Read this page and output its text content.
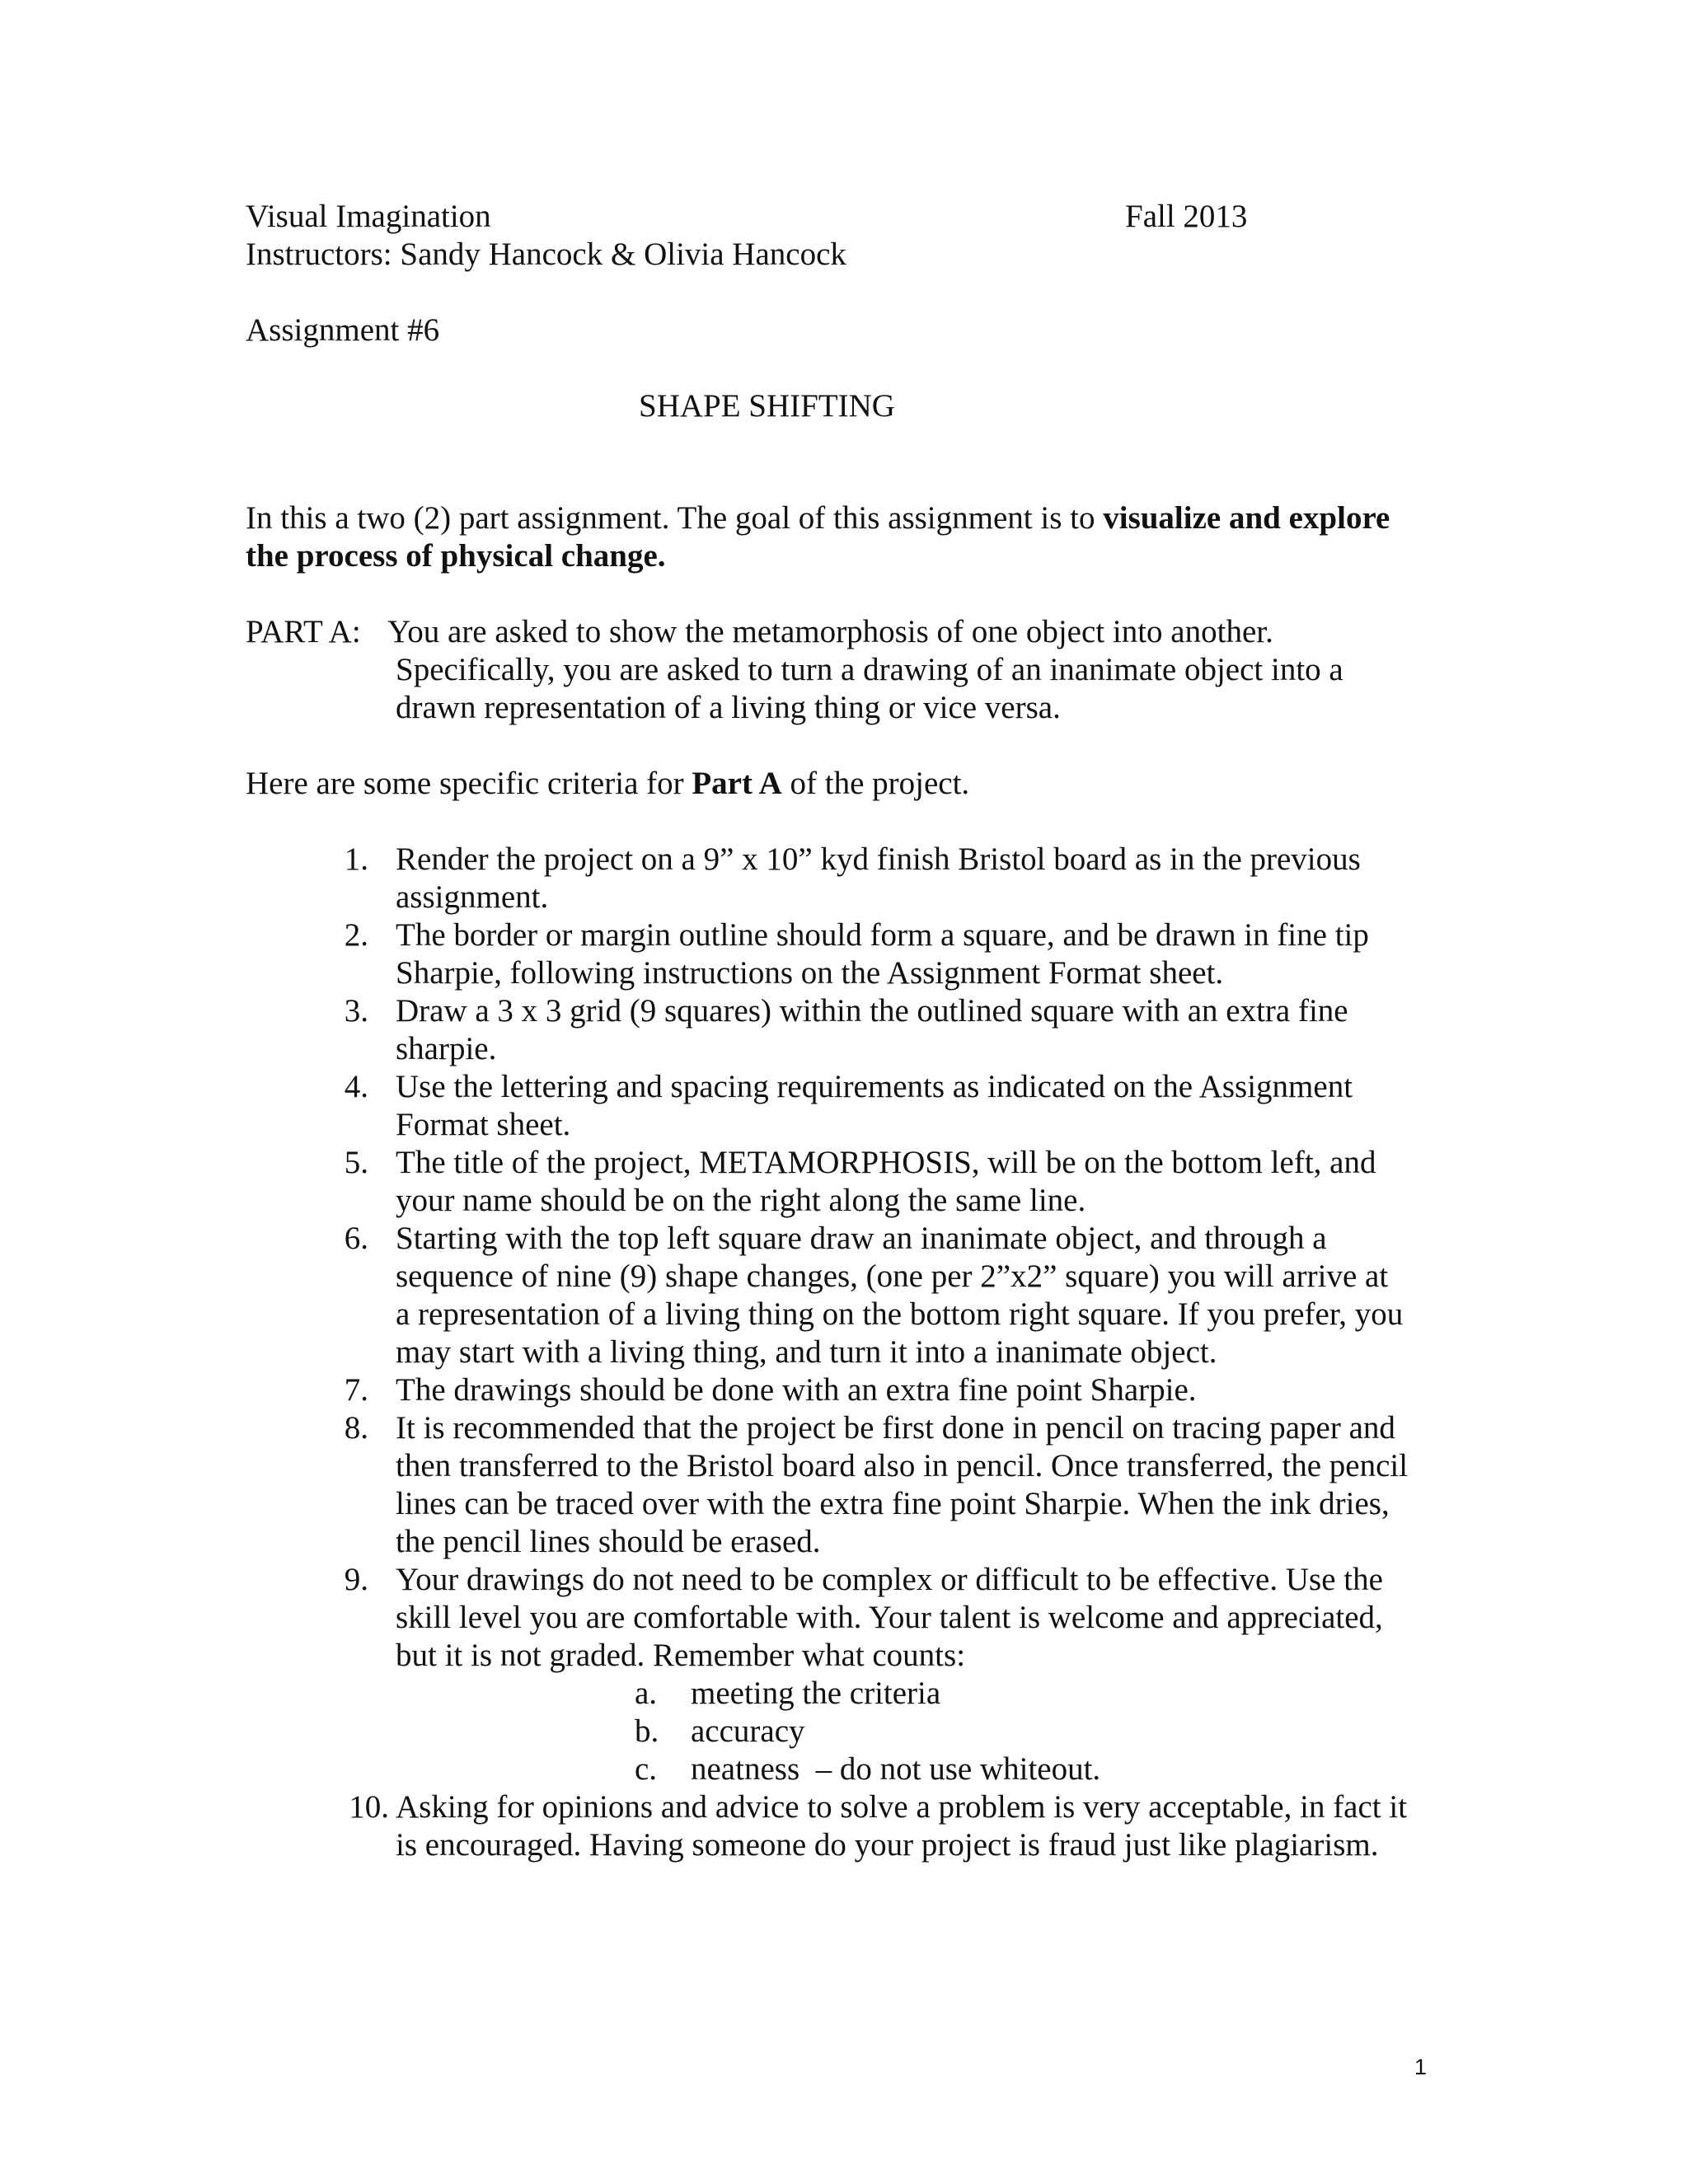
Visual Imagination	Fall 2013
Instructors: Sandy Hancock & Olivia Hancock
Assignment #6
SHAPE SHIFTING
In this a two (2) part assignment. The goal of this assignment is to visualize and explore
the process of physical change.
PART A: You are asked to show the metamorphosis of one object into another.
Specifically, you are asked to turn a drawing of an inanimate object into a
drawn representation of a living thing or vice versa.
Here are some specific criteria for Part A of the project.
1. Render the project on a 9” x 10” kyd finish Bristol board as in the previous
assignment.
2. The border or margin outline should form a square, and be drawn in fine tip
Sharpie, following instructions on the Assignment Format sheet.
3. Draw a 3 x 3 grid (9 squares) within the outlined square with an extra fine
sharpie.
4. Use the lettering and spacing requirements as indicated on the Assignment
Format sheet.
5. The title of the project, METAMORPHOSIS, will be on the bottom left, and
your name should be on the right along the same line.
6. Starting with the top left square draw an inanimate object, and through a
sequence of nine (9) shape changes, (one per 2”x2” square) you will arrive at
a representation of a living thing on the bottom right square. If you prefer, you
may start with a living thing, and turn it into a inanimate object.
7. The drawings should be done with an extra fine point Sharpie.
8. It is recommended that the project be first done in pencil on tracing paper and
then transferred to the Bristol board also in pencil. Once transferred, the pencil
lines can be traced over with the extra fine point Sharpie. When the ink dries,
the pencil lines should be erased.
9. Your drawings do not need to be complex or difficult to be effective. Use the
skill level you are comfortable with. Your talent is welcome and appreciated,
but it is not graded. Remember what counts:
a.	meeting the criteria
b. accuracy
c.	neatness  – do not use whiteout.
10. Asking for opinions and advice to solve a problem is very acceptable, in fact it
is encouraged. Having someone do your project is fraud just like plagiarism.
1
